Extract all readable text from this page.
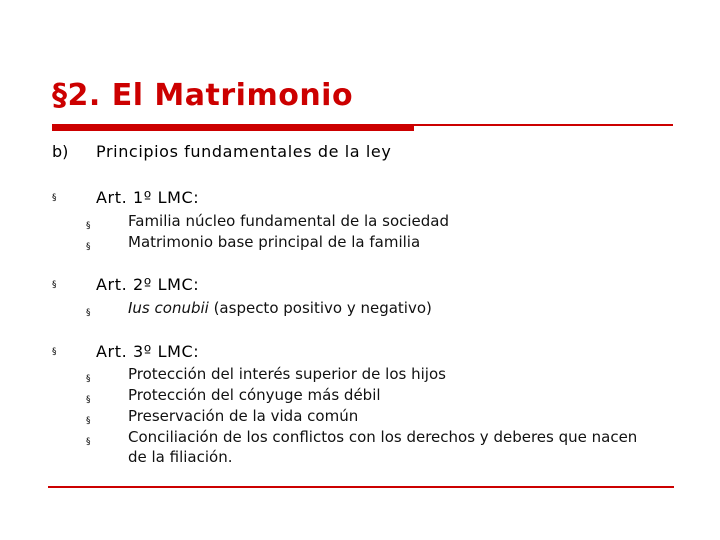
§2. El Matrimonio
b) Principios fundamentales de la ley
§ Art. 1º LMC:
§	Familia núcleo fundamental de la sociedad
§	Matrimonio base principal de la familia
§ Art. 2º LMC:
§	Ius conubii (aspecto positivo y negativo)
§ Art. 3º LMC:
§	Protección del interés superior de los hijos
§	Protección del cónyuge más débil
§	Preservación de la vida común
§	Conciliación de los conflictos con los derechos y deberes que nacen de la filiación.
